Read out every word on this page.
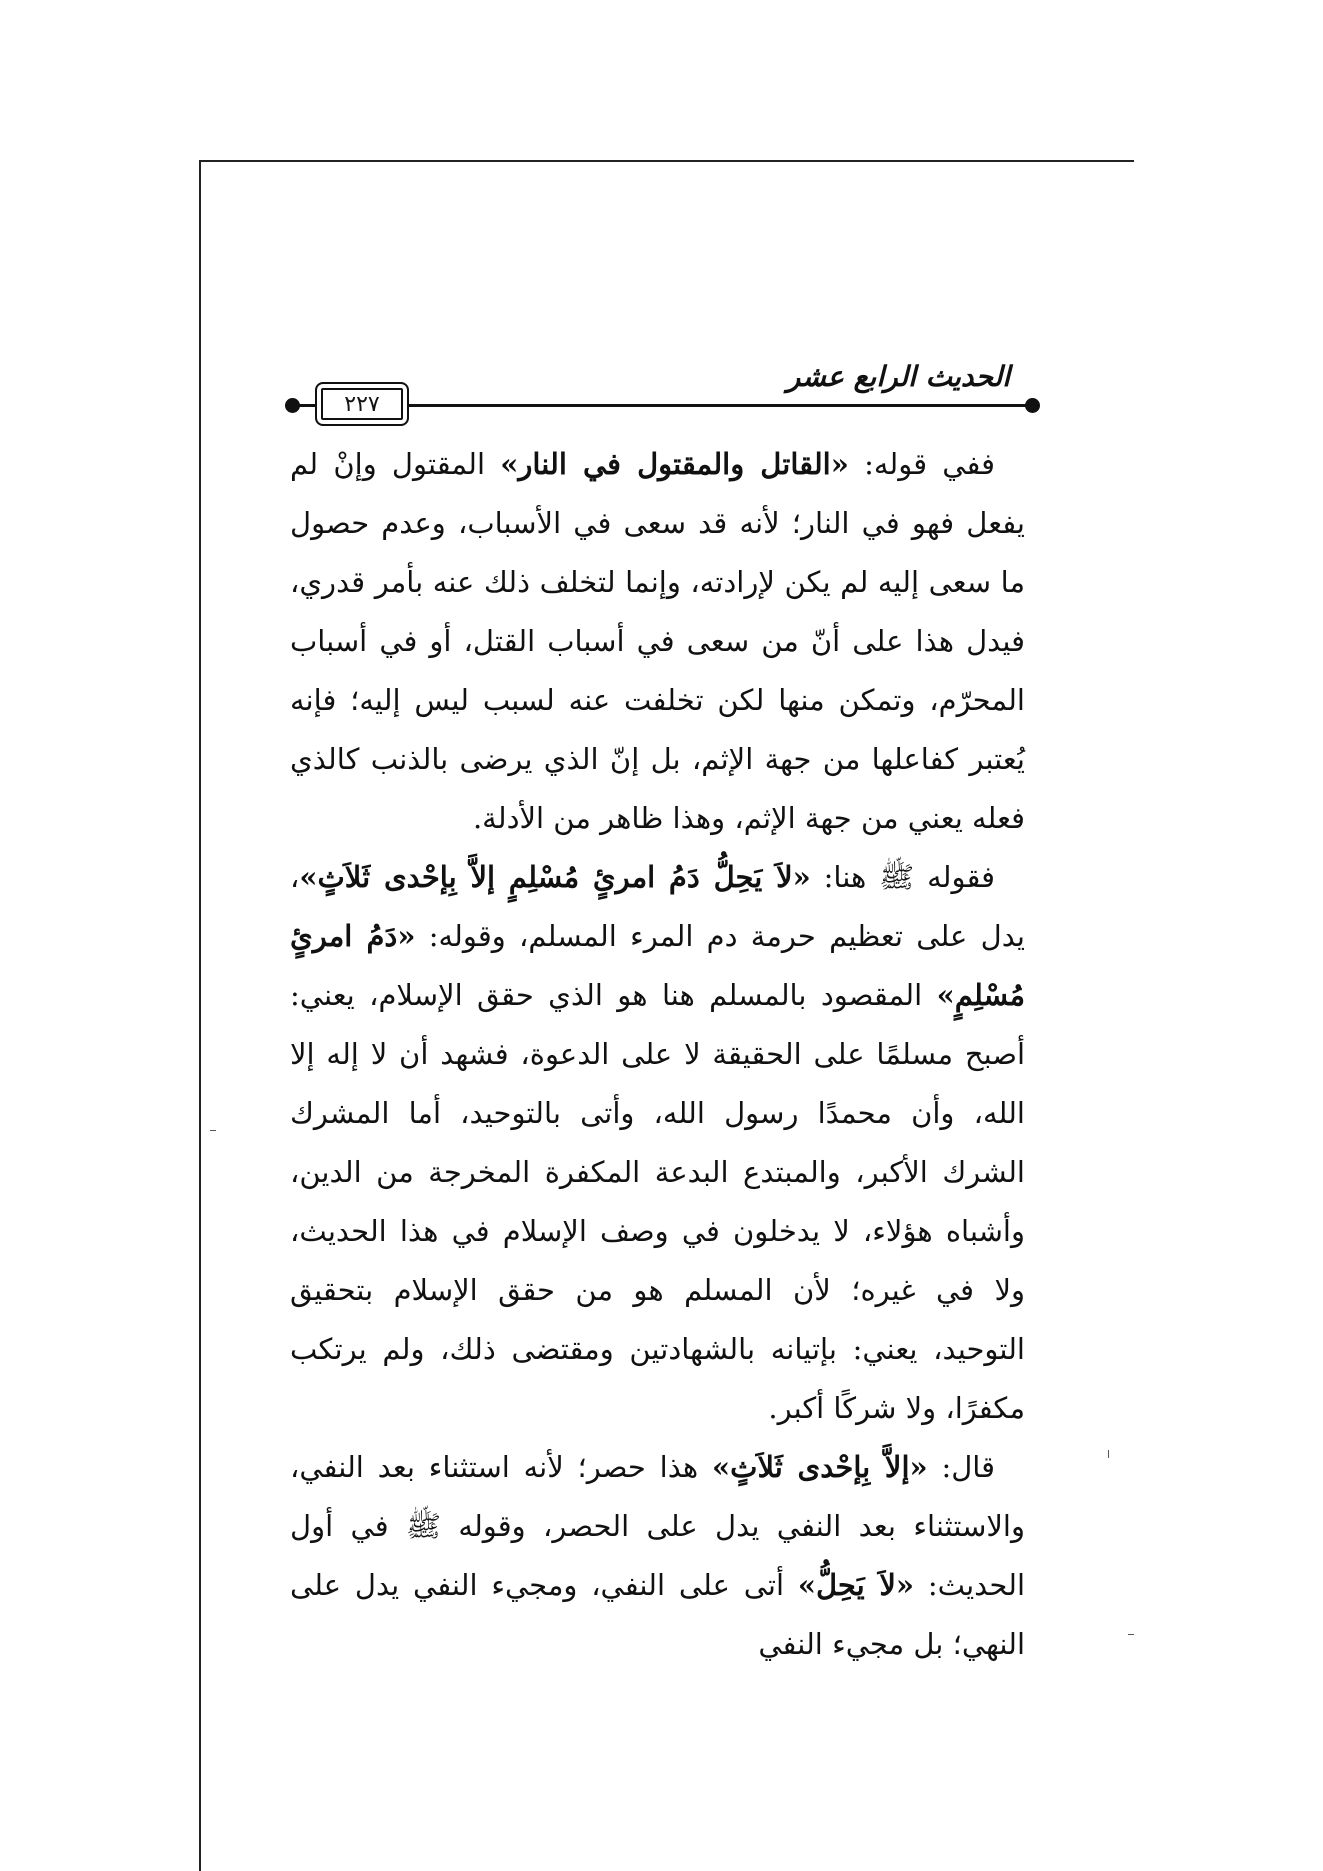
الحديث الرابع عشر
٢٢٧

ففي قوله: «القاتل والمقتول في النار» المقتول وإنْ لم يفعل فهو في النار؛ لأنه قد سعى في الأسباب، وعدم حصول ما سعى إليه لم يكن لإرادته، وإنما لتخلف ذلك عنه بأمر قدري، فيدل هذا على أنّ من سعى في أسباب القتل، أو في أسباب المحرّم، وتمكن منها لكن تخلفت عنه لسبب ليس إليه؛ فإنه يُعتبر كفاعلها من جهة الإثم، بل إنّ الذي يرضى بالذنب كالذي فعله يعني من جهة الإثم، وهذا ظاهر من الأدلة.

فقوله ﷺ هنا: «لاَ يَحِلُّ دَمُ امرئٍ مُسْلِمٍ إلاَّ بِإحْدى ثَلاَثٍ»، يدل على تعظيم حرمة دم المرء المسلم، وقوله: «دَمُ امرئٍ مُسْلِمٍ» المقصود بالمسلم هنا هو الذي حقق الإسلام، يعني: أصبح مسلمًا على الحقيقة لا على الدعوة، فشهد أن لا إله إلا الله، وأن محمدًا رسول الله، وأتى بالتوحيد، أما المشرك الشرك الأكبر، والمبتدع البدعة المكفرة المخرجة من الدين، وأشباه هؤلاء، لا يدخلون في وصف الإسلام في هذا الحديث، ولا في غيره؛ لأن المسلم هو من حقق الإسلام بتحقيق التوحيد، يعني: بإتيانه بالشهادتين ومقتضى ذلك، ولم يرتكب مكفرًا، ولا شركًا أكبر.

قال: «إلاَّ بِإحْدى ثَلاَثٍ» هذا حصر؛ لأنه استثناء بعد النفي، والاستثناء بعد النفي يدل على الحصر، وقوله ﷺ في أول الحديث: «لاَ يَحِلُّ» أتى على النفي، ومجيء النفي يدل على النهي؛ بل مجيء النفي
